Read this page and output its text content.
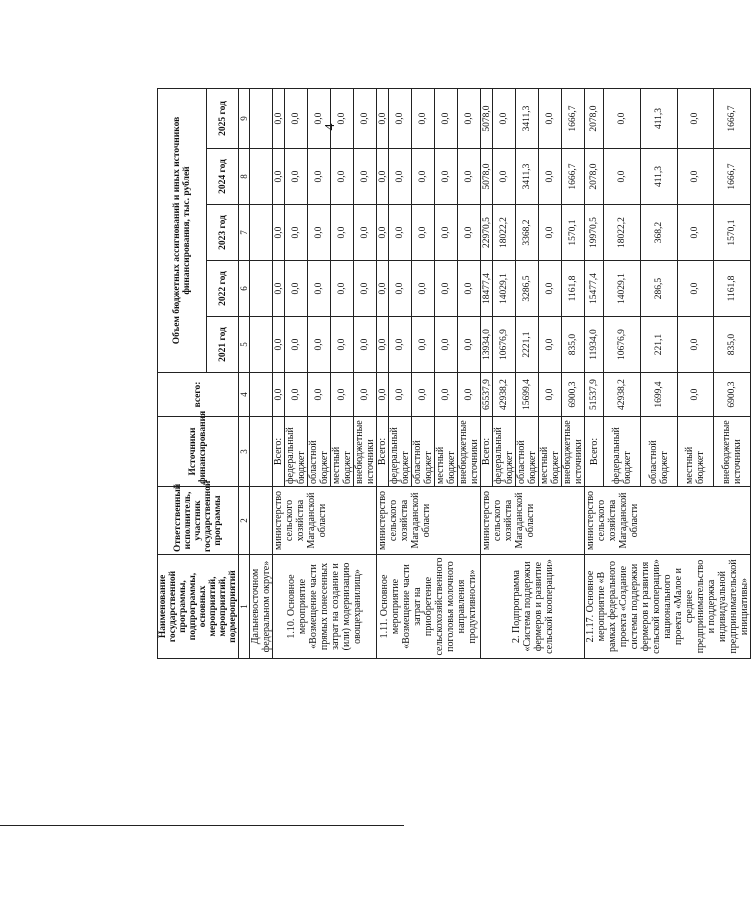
4
Наименование государственной программы, подпрограммы, основных мероприятий, мероприятий, подмероприятий	Ответственный исполнитель, участник государственной программы	Источники финансирования	всего:	Объем бюджетных ассигнований и иных источников финансирования, тыс. рублей				
				2021 год	2022 год	2023 год	2024 год	2025 год
1	2	3	4	5	6	7	8	9
Дальневосточном федеральном округе»								
1.10. Основное мероприятие «Возмещение части прямых понесенных затрат на создание и (или) модернизацию овощехранилищ»	министерство сельского хозяйства Магаданской области	Всего:	0,0	0,0	0,0	0,0	0,0	0,0
		федеральный бюджет	0,0	0,0	0,0	0,0	0,0	0,0
		областной бюджет	0,0	0,0	0,0	0,0	0,0	0,0
		местный бюджет	0,0	0,0	0,0	0,0	0,0	0,0
		внебюджетные источники	0,0	0,0	0,0	0,0	0,0	0,0
1.11. Основное мероприятие «Возмещение части затрат на приобретение сельскохозяйственного поголовья молочного направления продуктивности»	министерство сельского хозяйства Магаданской области	Всего:	0,0	0,0	0,0	0,0	0,0	0,0
		федеральный бюджет	0,0	0,0	0,0	0,0	0,0	0,0
		областной бюджет	0,0	0,0	0,0	0,0	0,0	0,0
		местный бюджет	0,0	0,0	0,0	0,0	0,0	0,0
		внебюджетные источники	0,0	0,0	0,0	0,0	0,0	0,0
2. Подпрограмма «Система поддержки фермеров и развитие сельской кооперации»	министерство сельского хозяйства Магаданской области	Всего:	65537,9	13934,0	18477,4	22970,5	5078,0	5078,0
		федеральный бюджет	42938,2	10676,9	14029,1	18022,2	0,0	0,0
		областной бюджет	15699,4	2221,1	3286,5	3368,2	3411,3	3411,3
		местный бюджет	0,0	0,0	0,0	0,0	0,0	0,0
		внебюджетные источники	6900,3	835,0	1161,8	1570,1	1666,7	1666,7
2.1.17. Основное мероприятие «В рамках федерального проекта «Создание системы поддержки фермеров и развития сельской кооперации» национального проекта «Малое и среднее предпринимательство и поддержка индивидуальной предпринимательской инициативы»	министерство сельского хозяйства Магаданской области	Всего:	51537,9	11934,0	15477,4	19970,5	2078,0	2078,0
		федеральный бюджет	42938,2	10676,9	14029,1	18022,2	0,0	0,0
		областной бюджет	1699,4	221,1	286,5	368,2	411,3	411,3
		местный бюджет	0,0	0,0	0,0	0,0	0,0	0,0
		внебюджетные источники	6900,3	835,0	1161,8	1570,1	1666,7	1666,7
